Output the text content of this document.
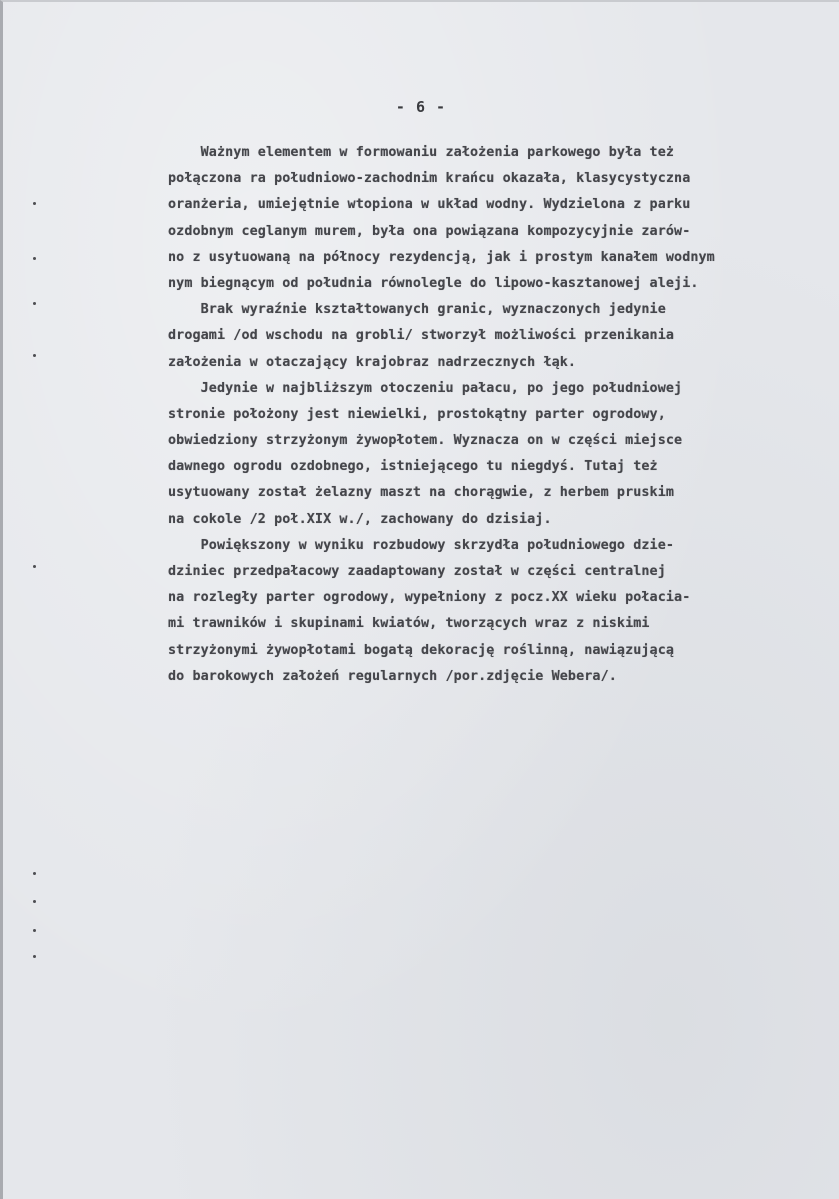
- 6 -
Ważnym elementem w formowaniu założenia parkowego była też
połączona ra południowo-zachodnim krańcu okazała, klasycystyczna
oranżeria, umiejętnie wtopiona w układ wodny. Wydzielona z parku
ozdobnym ceglanym murem, była ona powiązana kompozycyjnie zarów-
no z usytuowaną na północy rezydencją, jak i prostym kanałem wodnym
nym biegnącym od południa równolegle do lipowo-kasztanowej aleji.
Brak wyraźnie kształtowanych granic, wyznaczonych jedynie
drogami /od wschodu na grobli/ stworzył możliwości przenikania
założenia w otaczający krajobraz nadrzecznych łąk.
Jedynie w najbliższym otoczeniu pałacu, po jego południowej
stronie położony jest niewielki, prostokątny parter ogrodowy,
obwiedziony strzyżonym żywopłotem. Wyznacza on w części miejsce
dawnego ogrodu ozdobnego, istniejącego tu niegdyś. Tutaj też
usytuowany został żelazny maszt na chorągwie, z herbem pruskim
na cokole /2 poł.XIX w./, zachowany do dzisiaj.
Powiększony w wyniku rozbudowy skrzydła południowego dzie-
dziniec przedpałacowy zaadaptowany został w części centralnej
na rozległy parter ogrodowy, wypełniony z pocz.XX wieku połacia-
mi trawników i skupinami kwiatów, tworzących wraz z niskimi
strzyżonymi żywopłotami bogatą dekorację roślinną, nawiązującą
do barokowych założeń regularnych /por.zdjęcie Webera/.
